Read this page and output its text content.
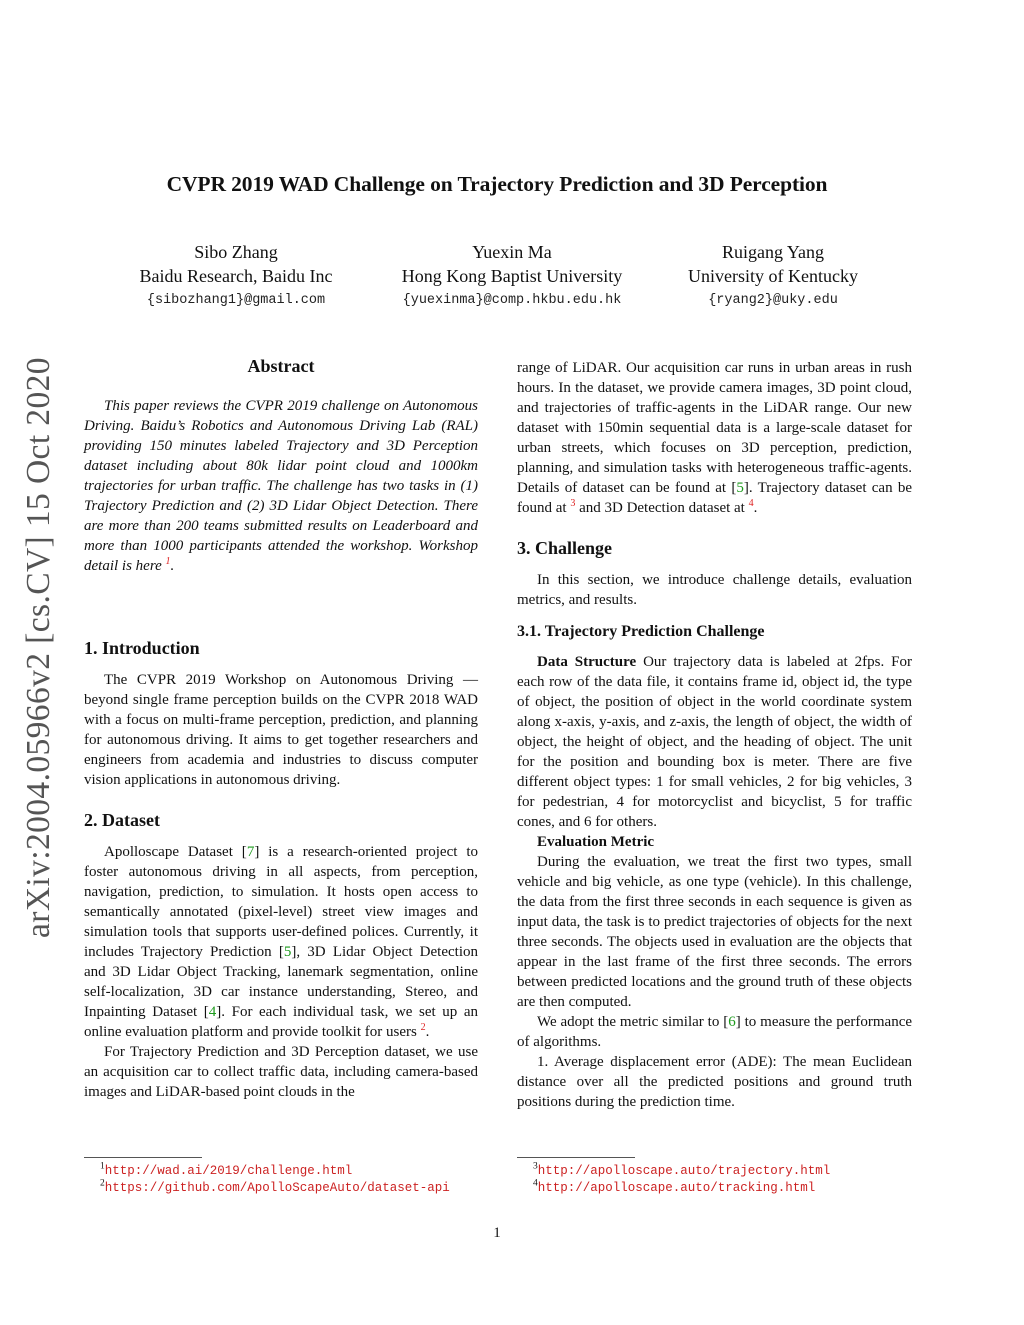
arXiv:2004.05966v2 [cs.CV] 15 Oct 2020
CVPR 2019 WAD Challenge on Trajectory Prediction and 3D Perception
Sibo Zhang
Baidu Research, Baidu Inc
{sibozhang1}@gmail.com
Yuexin Ma
Hong Kong Baptist University
{yuexinma}@comp.hkbu.edu.hk
Ruigang Yang
University of Kentucky
{ryang2}@uky.edu
Abstract

This paper reviews the CVPR 2019 challenge on Autonomous Driving. Baidu’s Robotics and Autonomous Driving Lab (RAL) providing 150 minutes labeled Trajectory and 3D Perception dataset including about 80k lidar point cloud and 1000km trajectories for urban traffic. The challenge has two tasks in (1) Trajectory Prediction and (2) 3D Lidar Object Detection. There are more than 200 teams submitted results on Leaderboard and more than 1000 participants attended the workshop. Workshop detail is here $^1$.

1. Introduction

The CVPR 2019 Workshop on Autonomous Driving — beyond single frame perception builds on the CVPR 2018 WAD with a focus on multi-frame perception, prediction, and planning for autonomous driving. It aims to get together researchers and engineers from academia and industries to discuss computer vision applications in autonomous driving.

2. Dataset

Apolloscape Dataset [7] is a research-oriented project to foster autonomous driving in all aspects, from perception, navigation, prediction, to simulation. It hosts open access to semantically annotated (pixel-level) street view images and simulation tools that supports user-defined polices. Currently, it includes Trajectory Prediction [5], 3D Lidar Object Detection and 3D Lidar Object Tracking, lanemark segmentation, online self-localization, 3D car instance understanding, Stereo, and Inpainting Dataset [4]. For each individual task, we set up an online evaluation platform and provide toolkit for users $^2$.

For Trajectory Prediction and 3D Perception dataset, we use an acquisition car to collect traffic data, including camera-based images and LiDAR-based point clouds in the

$^1$http://wad.ai/2019/challenge.html
$^2$https://github.com/ApolloScapeAuto/dataset-api

range of LiDAR. Our acquisition car runs in urban areas in rush hours. In the dataset, we provide camera images, 3D point cloud, and trajectories of traffic-agents in the LiDAR range. Our new dataset with 150min sequential data is a large-scale dataset for urban streets, which focuses on 3D perception, prediction, planning, and simulation tasks with heterogeneous traffic-agents. Details of dataset can be found at [5]. Trajectory dataset can be found at $^3$ and 3D Detection dataset at $^4$.

3. Challenge

In this section, we introduce challenge details, evaluation metrics, and results.

3.1. Trajectory Prediction Challenge

Data Structure Our trajectory data is labeled at 2fps. For each row of the data file, it contains frame id, object id, the type of object, the position of object in the world coordinate system along x-axis, y-axis, and z-axis, the length of object, the width of object, the height of object, and the heading of object. The unit for the position and bounding box is meter. There are five different object types: 1 for small vehicles, 2 for big vehicles, 3 for pedestrian, 4 for motorcyclist and bicyclist, 5 for traffic cones, and 6 for others.

Evaluation Metric

During the evaluation, we treat the first two types, small vehicle and big vehicle, as one type (vehicle). In this challenge, the data from the first three seconds in each sequence is given as input data, the task is to predict trajectories of objects for the next three seconds. The objects used in evaluation are the objects that appear in the last frame of the first three seconds. The errors between predicted locations and the ground truth of these objects are then computed.

We adopt the metric similar to [6] to measure the performance of algorithms.

1. Average displacement error (ADE): The mean Euclidean distance over all the predicted positions and ground truth positions during the prediction time.

$^3$http://apolloscape.auto/trajectory.html
$^4$http://apolloscape.auto/tracking.html
1
